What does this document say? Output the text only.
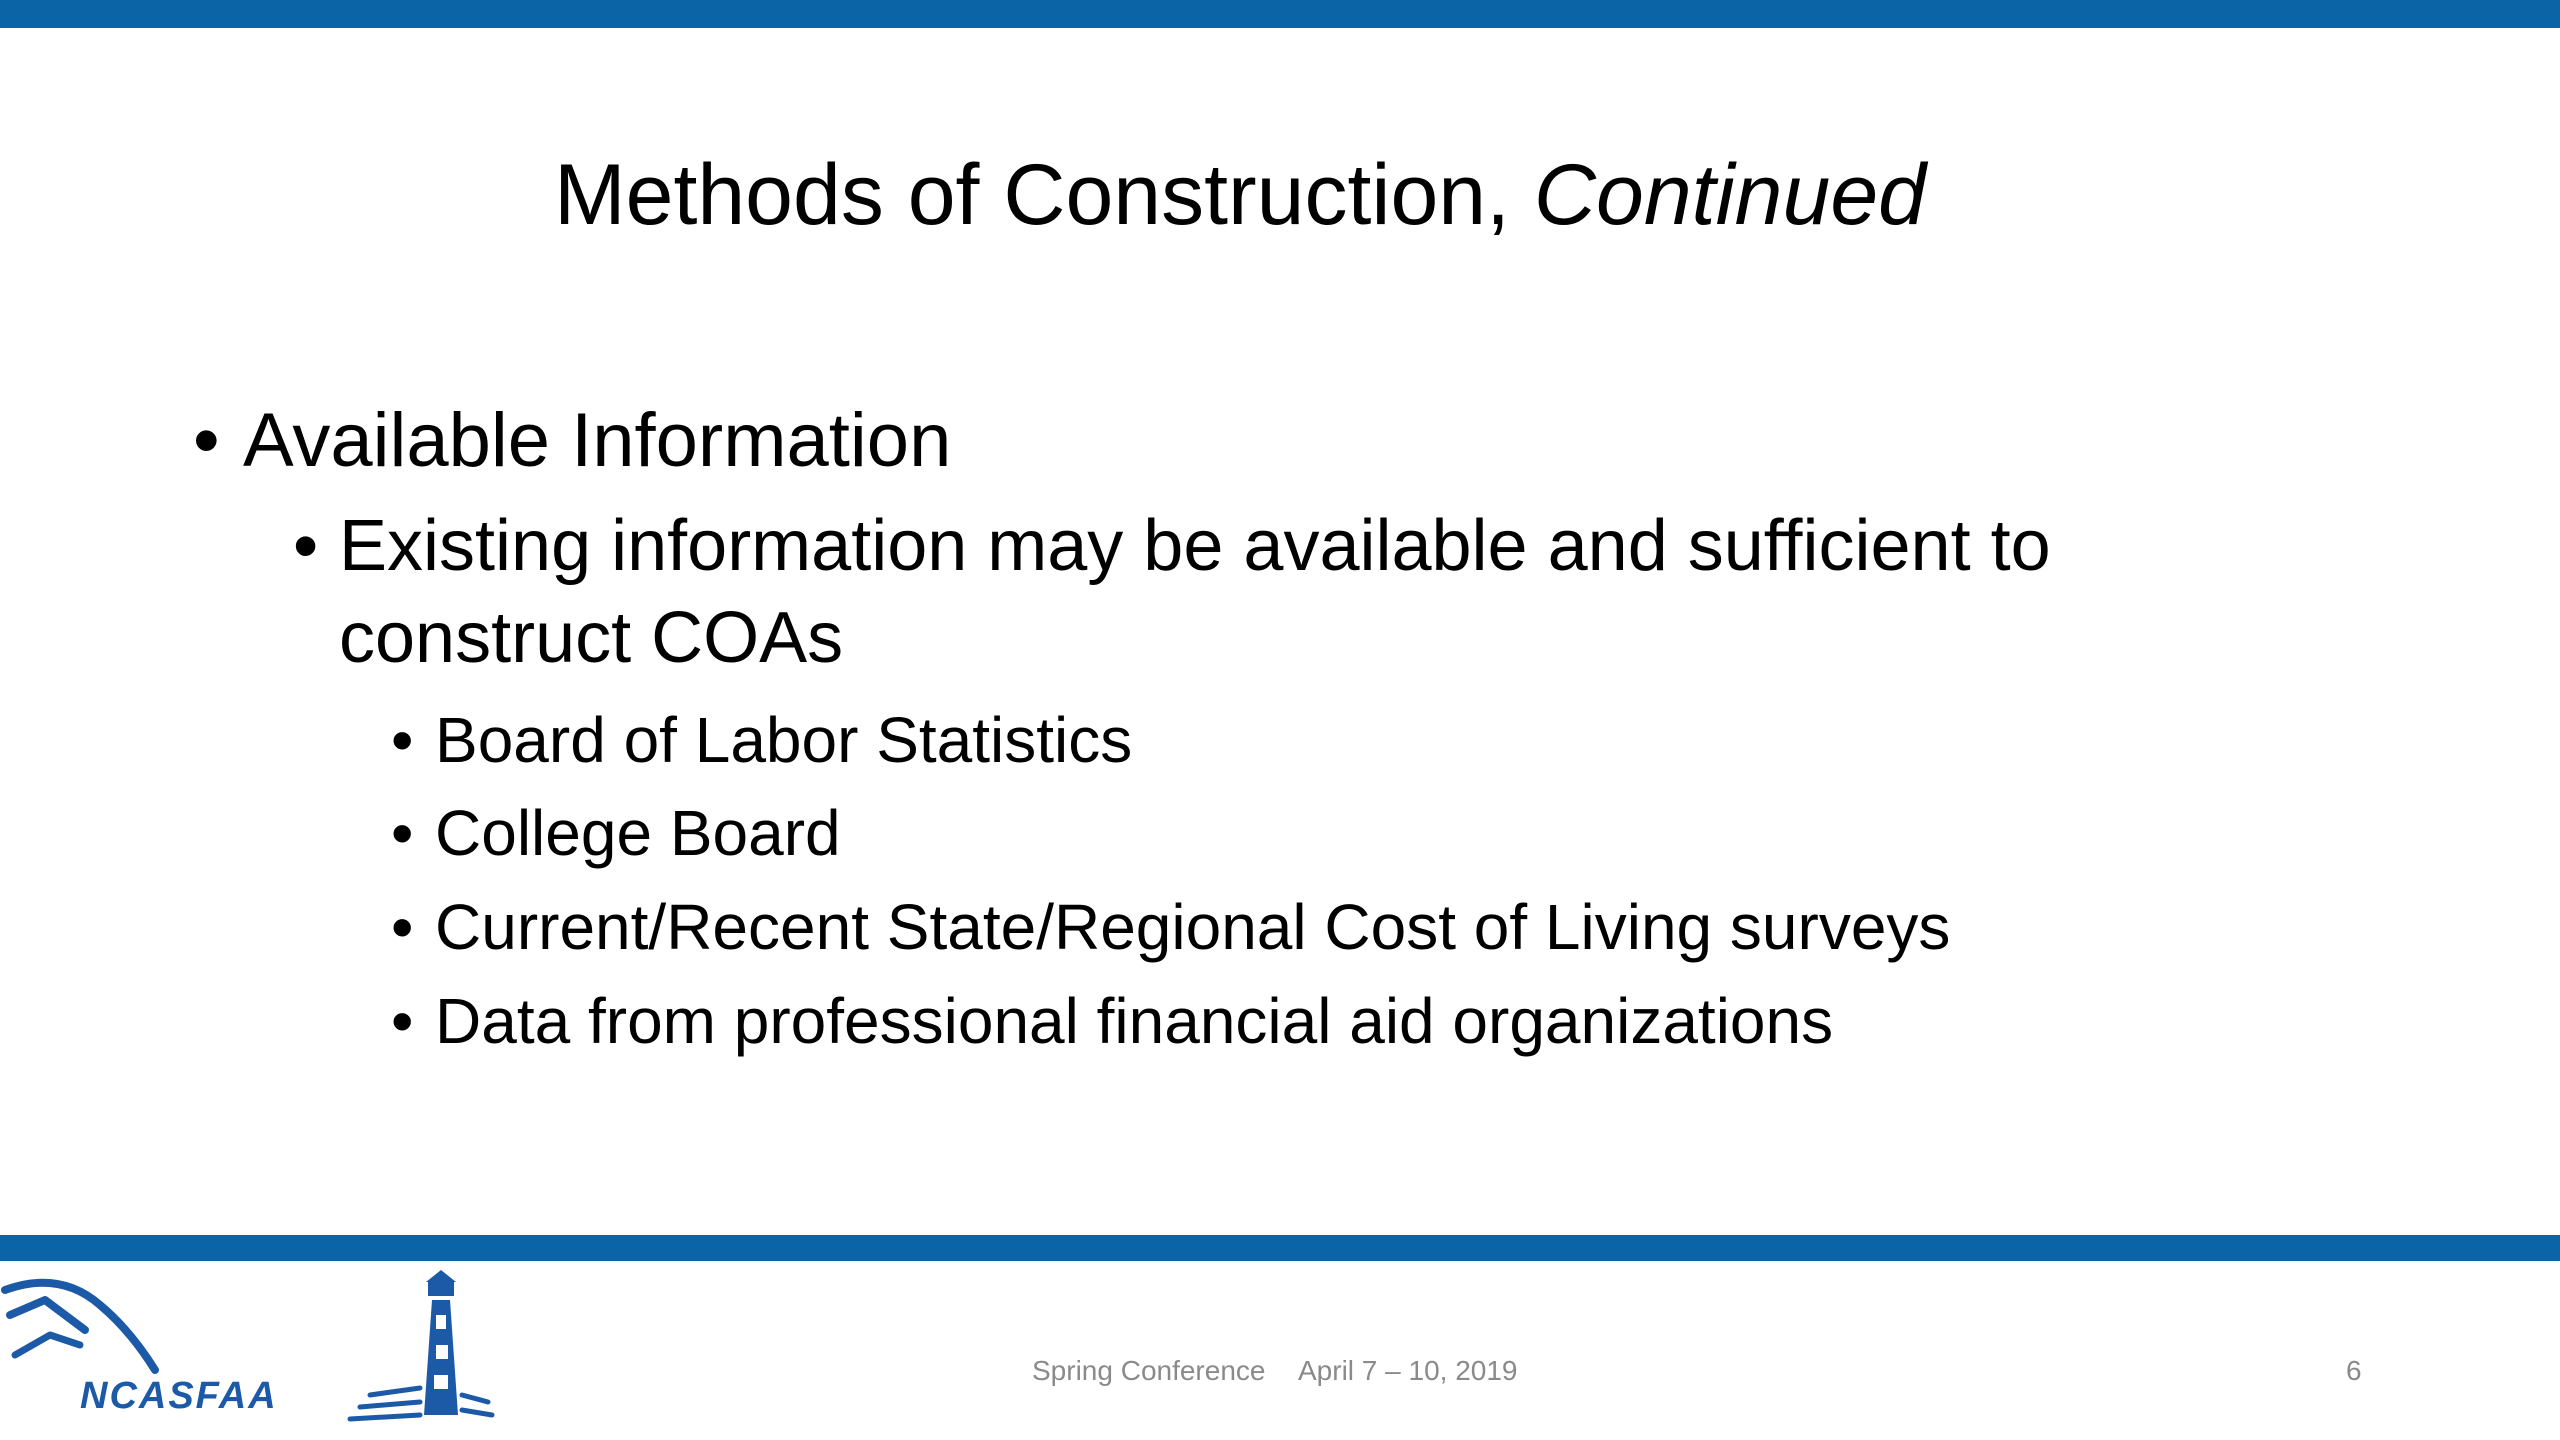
Methods of Construction, Continued
• Available Information
• Existing information may be available and sufficient to
construct COAs
• Board of Labor Statistics
• College Board
• Current/Recent State/Regional Cost of Living surveys
• Data from professional financial aid organizations
NCASFAA
Spring Conference April 7 – 10, 2019	6
